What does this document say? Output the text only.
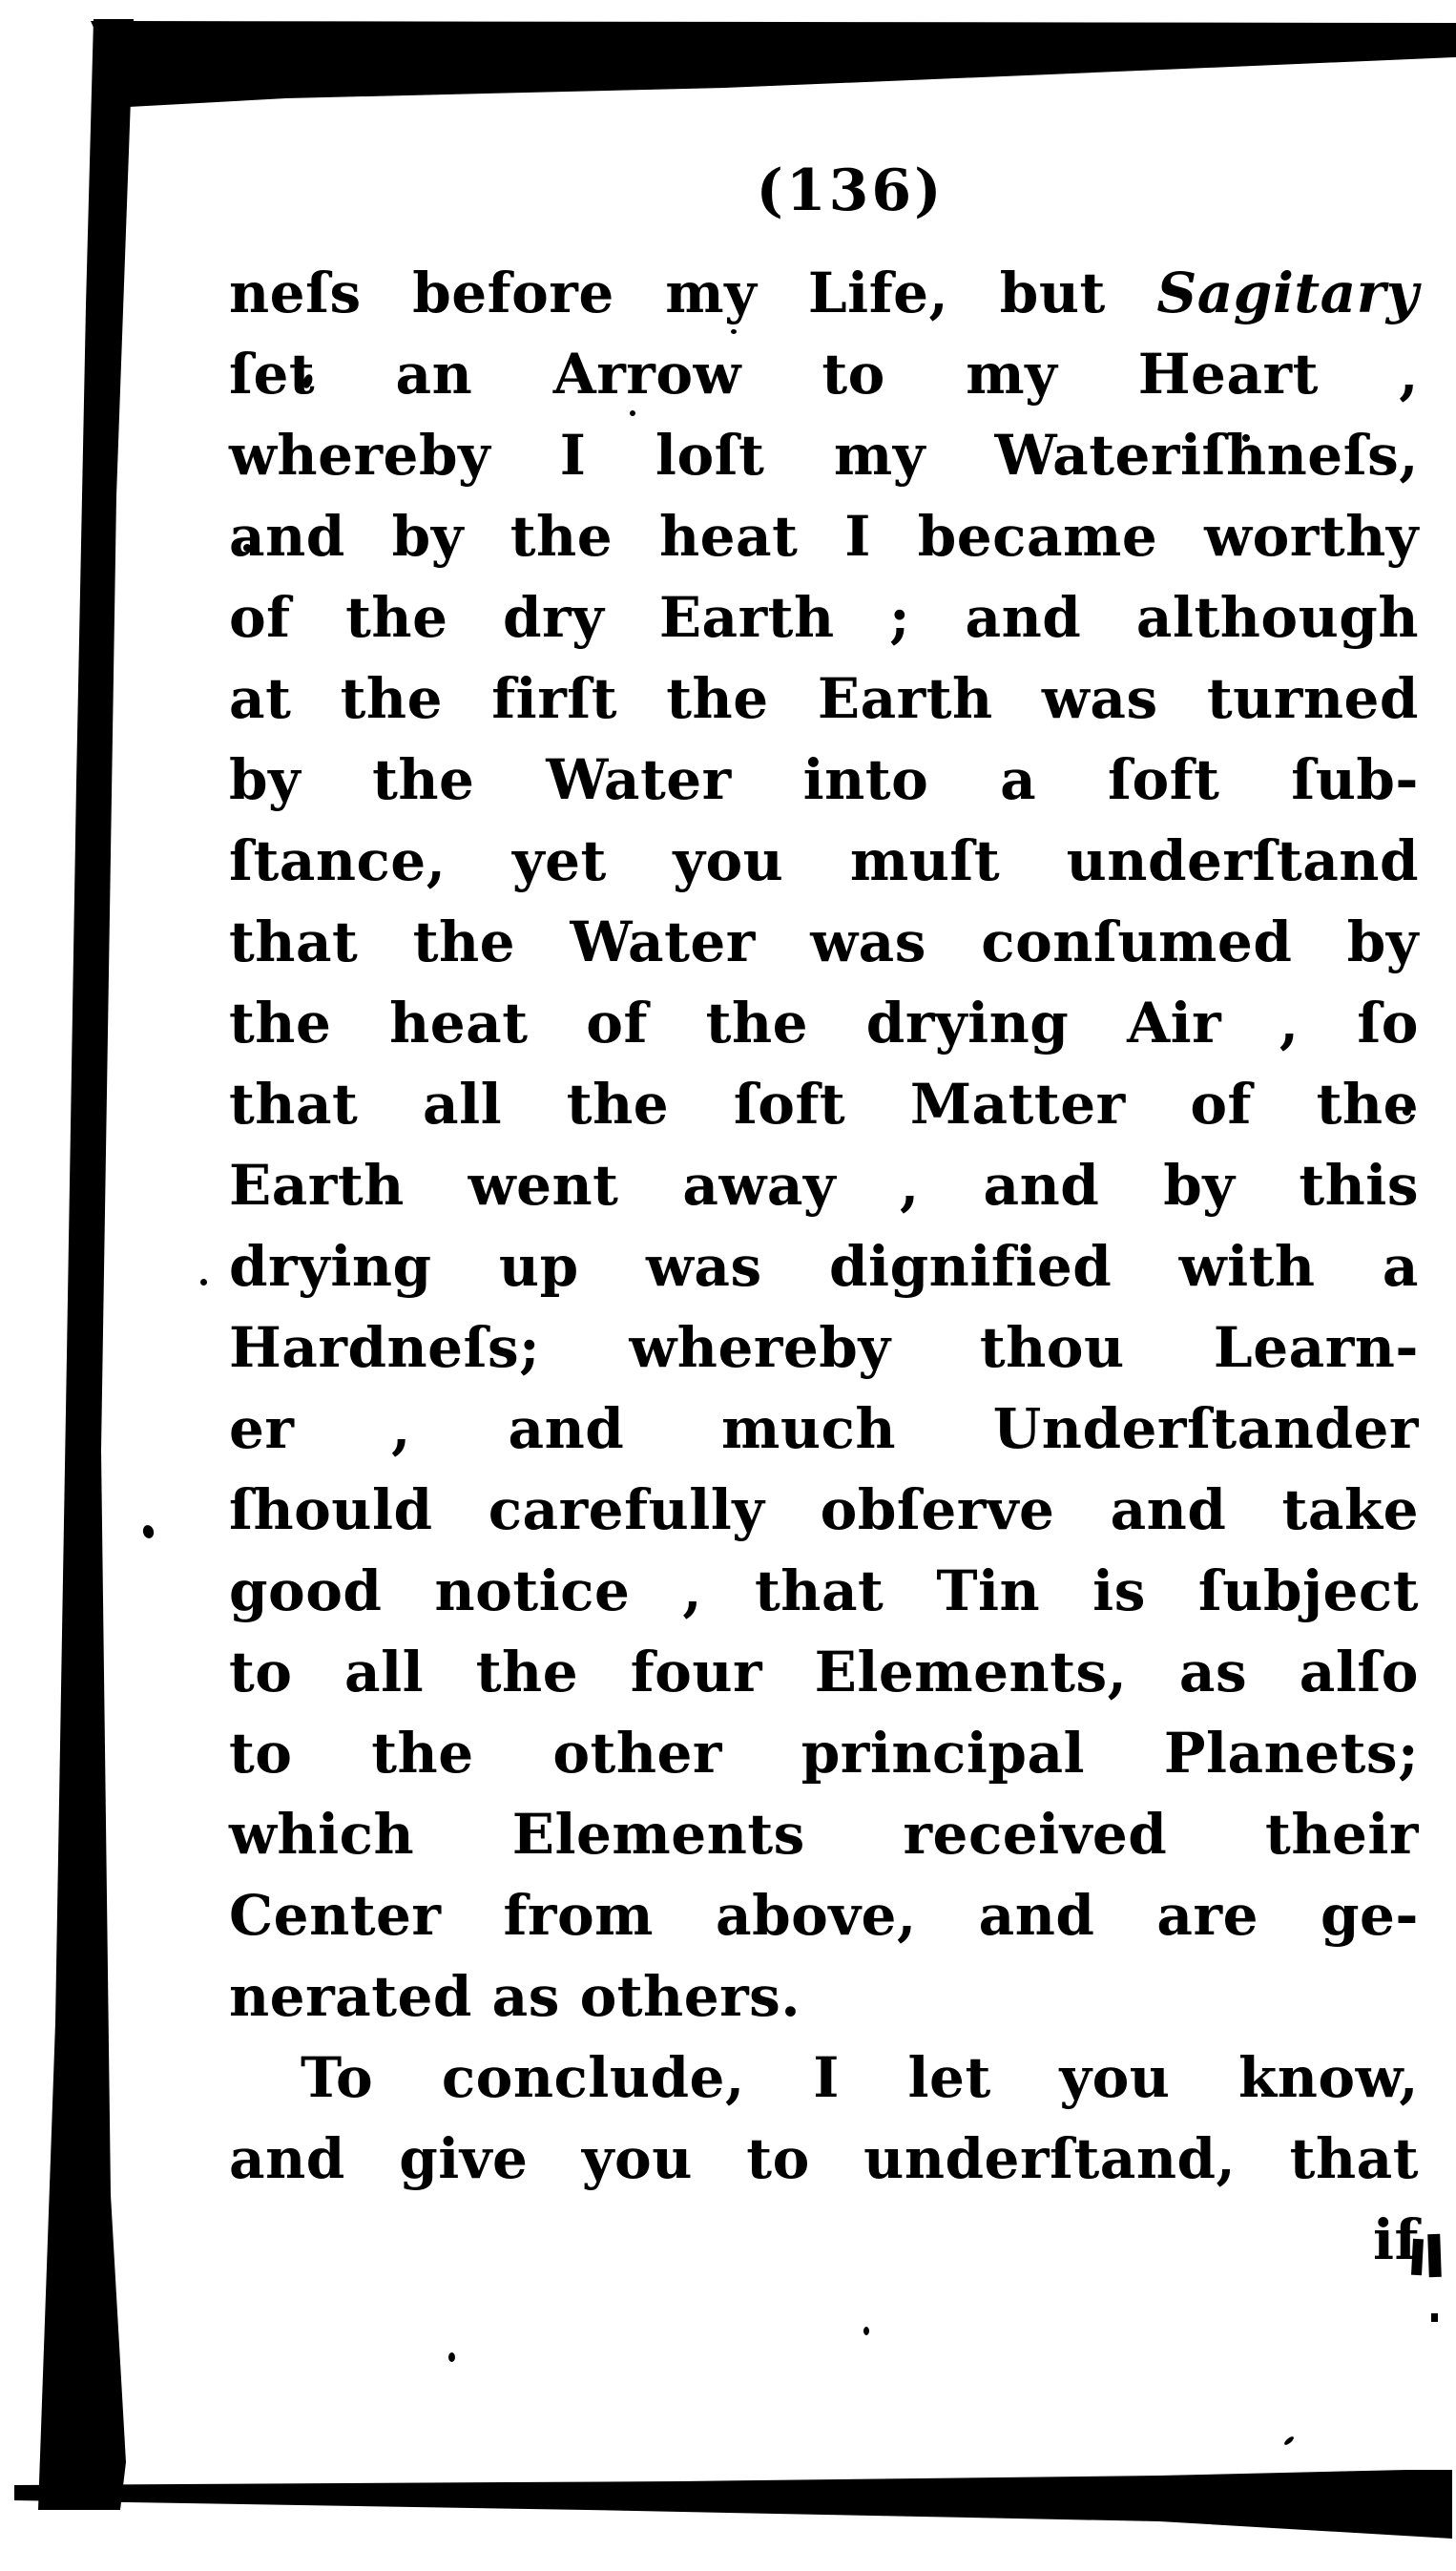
(136)
neſs before my Life, but Sagitary
ſet an Arrow to my Heart ,
whereby I loſt my Wateriſhneſs,
and by the heat I became worthy
of the dry Earth ; and although
at the firſt the Earth was turned
by the Water into a ſoft ſub-
ſtance, yet you muſt underſtand
that the Water was conſumed by
the heat of the drying Air , ſo
that all the ſoft Matter of the
Earth went away , and by this
drying up was dignified with a
Hardneſs; whereby thou Learn-
er , and much Underſtander
ſhould carefully obſerve and take
good notice , that Tin is ſubject
to all the four Elements, as alſo
to the other principal Planets;
which Elements received their
Center from above, and are ge-
nerated as others.
To conclude, I let you know,
and give you to underſtand, that
if
